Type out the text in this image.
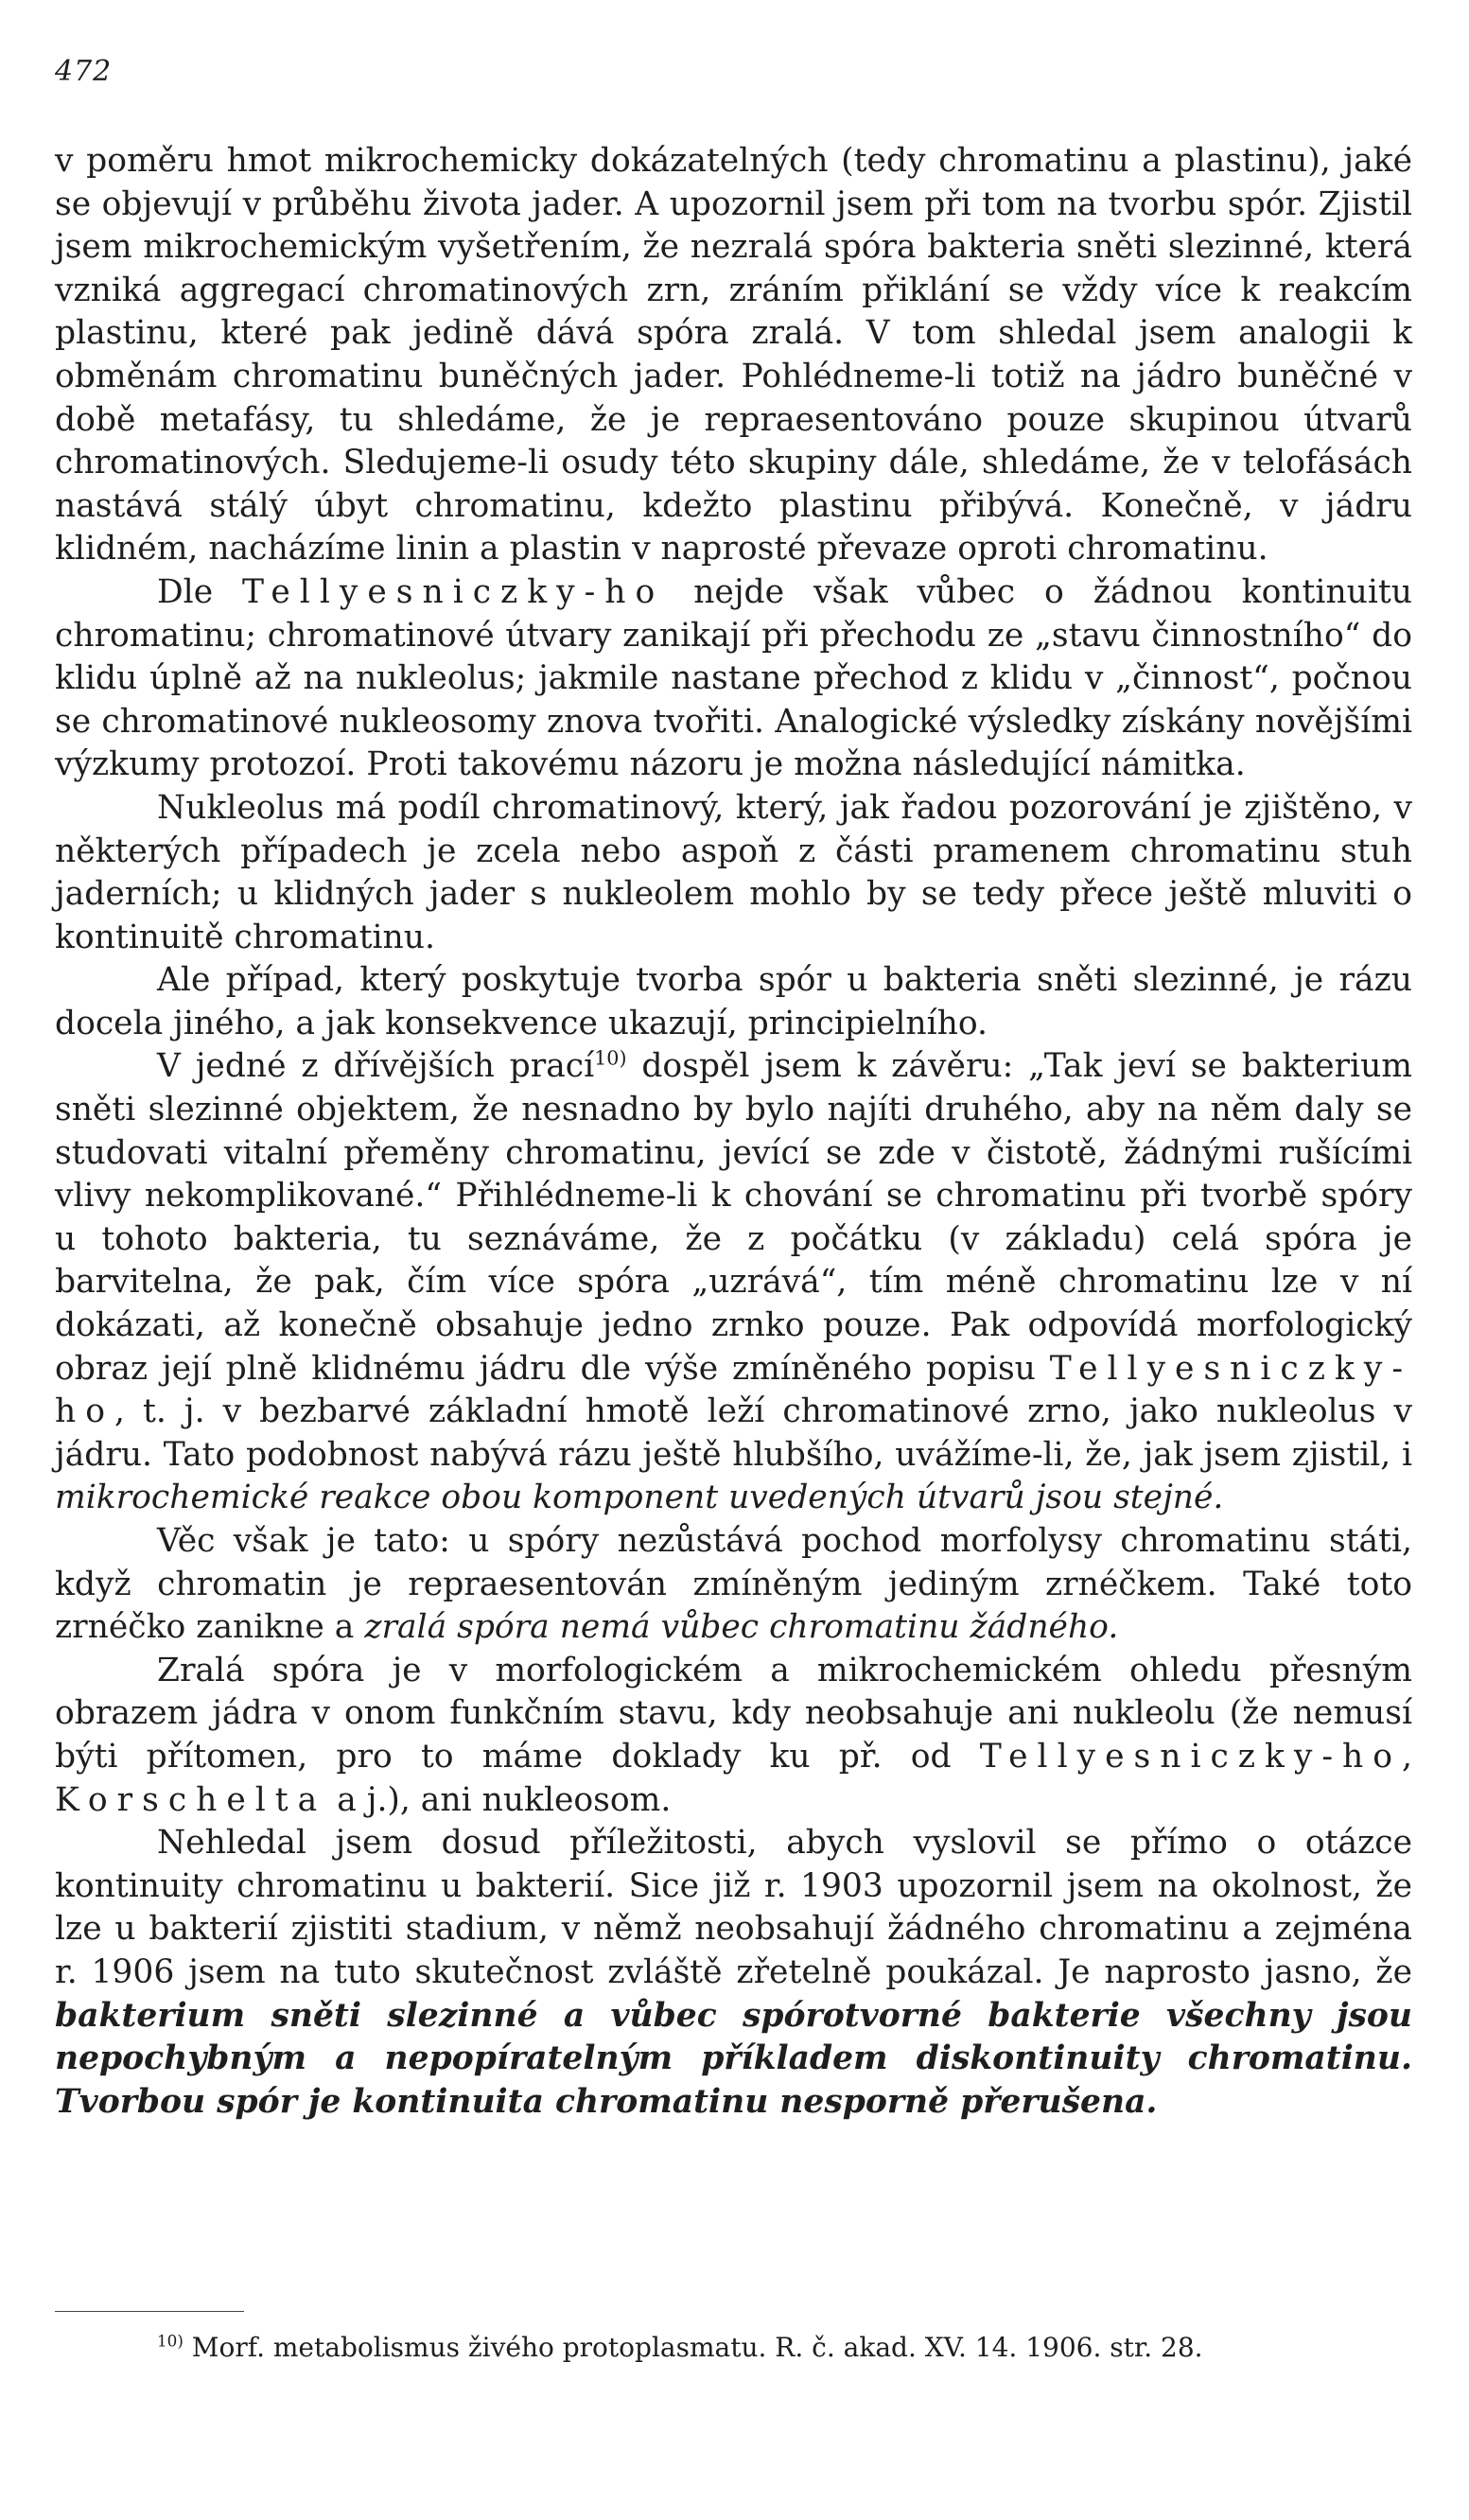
472

v poměru hmot mikrochemicky dokázatelných (tedy chromatinu a plastinu), jaké se objevují v průběhu života jader. A upozornil jsem při tom na tvorbu spór. Zjistil jsem mikrochemickým vyšetřením, že nezralá spóra bakteria sněti slezinné, která vzniká aggregací chromatinových zrn, zráním přiklání se vždy více k reakcím plastinu, které pak jedině dává spóra zralá. V tom shledal jsem analogii k obměnám chromatinu buněčných jader. Pohlédneme-li totiž na jádro buněčné v době metafásy, tu shledáme, že je repraesentováno pouze skupinou útvarů chromatinových. Sledujeme-li osudy této skupiny dále, shledáme, že v telofásách nastává stálý úbyt chromatinu, kdežto plastinu přibývá. Konečně, v jádru klidném, nacházíme linin a plastin v naprosté převaze oproti chromatinu.

Dle Tellyesniczky-ho nejde však vůbec o žádnou kontinuitu chromatinu; chromatinové útvary zanikají při přechodu ze „stavu činnostního“ do klidu úplně až na nukleolus; jakmile nastane přechod z klidu v „činnost“, počnou se chromatinové nukleosomy znova tvořiti. Analogické výsledky získány novějšími výzkumy protozoí. Proti takovému názoru je možna následující námitka.

Nukleolus má podíl chromatinový, který, jak řadou pozorování je zjištěno, v některých případech je zcela nebo aspoň z části pramenem chromatinu stuh jaderních; u klidných jader s nukleolem mohlo by se tedy přece ještě mluviti o kontinuitě chromatinu.

Ale případ, který poskytuje tvorba spór u bakteria sněti slezinné, je rázu docela jiného, a jak konsekvence ukazují, principielního.

V jedné z dřívějších prací$^{10)}$ dospěl jsem k závěru: „Tak jeví se bakterium sněti slezinné objektem, že nesnadno by bylo najíti druhého, aby na něm daly se studovati vitalní přeměny chromatinu, jevící se zde v čistotě, žádnými rušícími vlivy nekomplikované.“ Přihlédneme-li k chování se chromatinu při tvorbě spóry u tohoto bakteria, tu seznáváme, že z počátku (v základu) celá spóra je barvitelna, že pak, čím více spóra „uzrává“, tím méně chromatinu lze v ní dokázati, až konečně obsahuje jedno zrnko pouze. Pak odpovídá morfologický obraz její plně klidnému jádru dle výše zmíněného popisu Tellyesniczky-ho, t. j. v bezbarvé základní hmotě leží chromatinové zrno, jako nukleolus v jádru. Tato podobnost nabývá rázu ještě hlubšího, uvážíme-li, že, jak jsem zjistil, i mikrochemické reakce obou komponent uvedených útvarů jsou stejné.

Věc však je tato: u spóry nezůstává pochod morfolysy chromatinu státi, když chromatin je repraesentován zmíněným jediným zrnéčkem. Také toto zrnéčko zanikne a zralá spóra nemá vůbec chromatinu žádného.

Zralá spóra je v morfologickém a mikrochemickém ohledu přesným obrazem jádra v onom funkčním stavu, kdy neobsahuje ani nukleolu (že nemusí býti přítomen, pro to máme doklady ku př. od Tellyesniczky-ho, Korschelta a j.), ani nukleosom.

Nehledal jsem dosud příležitosti, abych vyslovil se přímo o otázce kontinuity chromatinu u bakterií. Sice již r. 1903 upozornil jsem na okolnost, že lze u bakterií zjistiti stadium, v němž neobsahují žádného chromatinu a zejména r. 1906 jsem na tuto skutečnost zvláště zřetelně poukázal. Je naprosto jasno, že bakterium sněti slezinné a vůbec spórotvorné bakterie všechny jsou nepochybným a nepopíratelným příkladem diskontinuity chromatinu. Tvorbou spór je kontinuita chromatinu nesporně přerušena.

$^{10)}$ Morf. metabolismus živého protoplasmatu. R. č. akad. XV. 14. 1906. str. 28.
